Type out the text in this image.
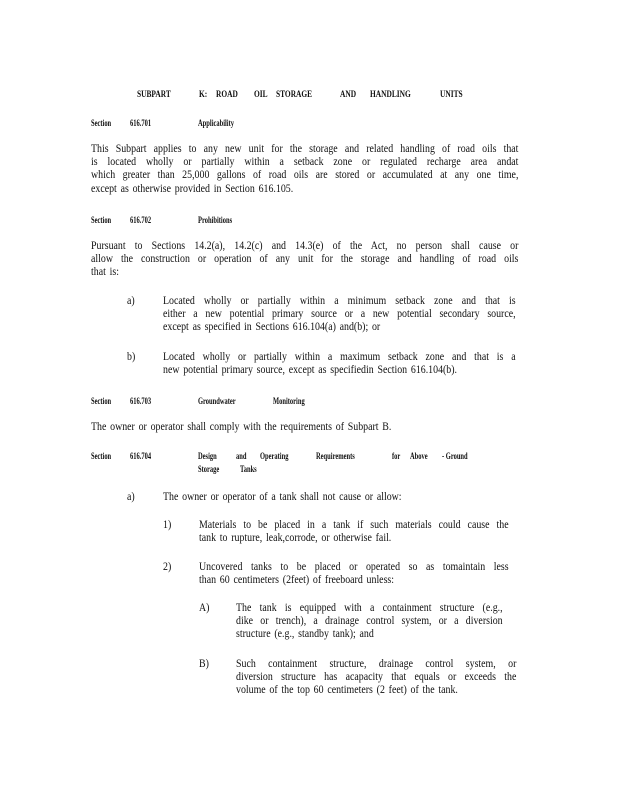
SUBPART	K: ROAD OIL STORAGE	AND HANDLING	UNITS
Section 616.701	Applicability
This Subpart applies to any new unit for the storage and related handling of road oils that
is located wholly or partially within a setback zone or regulated recharge area andat
which greater than 25,000 gallons of road oils are stored or accumulated at any one time,
except as otherwise provided in Section 616.105.
Section 616.702	Prohibitions
Pursuant to Sections 14.2(a), 14.2(c) and 14.3(e) of the Act, no person shall cause or
allow the construction or operation of any unit for the storage and handling of road oils
that is:
a) Located wholly or partially within a minimum setback zone and that is
either a new potential primary source or a new potential secondary source,
except as specified in Sections 616.104(a) and(b); or
b) Located wholly or partially within a maximum setback zone and that is a
new potential primary source, except as specifiedin Section 616.104(b).
Section 616.703	Groundwater	Monitoring
The owner or operator shall comply with the requirements of Subpart B.
Section 616.704	Design and Operating	Requirements	for Above - Ground
Storage Tanks
a) The owner or operator of a tank shall not cause or allow:
1) Materials to be placed in a tank if such materials could cause the
tank to rupture, leak,corrode, or otherwise fail.
2) Uncovered tanks to be placed or operated so as tomaintain less
than 60 centimeters (2feet) of freeboard unless:
A) The tank is equipped with a containment structure (e.g.,
dike or trench), a drainage control system, or a diversion
structure (e.g., standby tank); and
B) Such containment structure, drainage control system, or
diversion structure has acapacity that equals or exceeds the
volume of the top 60 centimeters (2 feet) of the tank.
